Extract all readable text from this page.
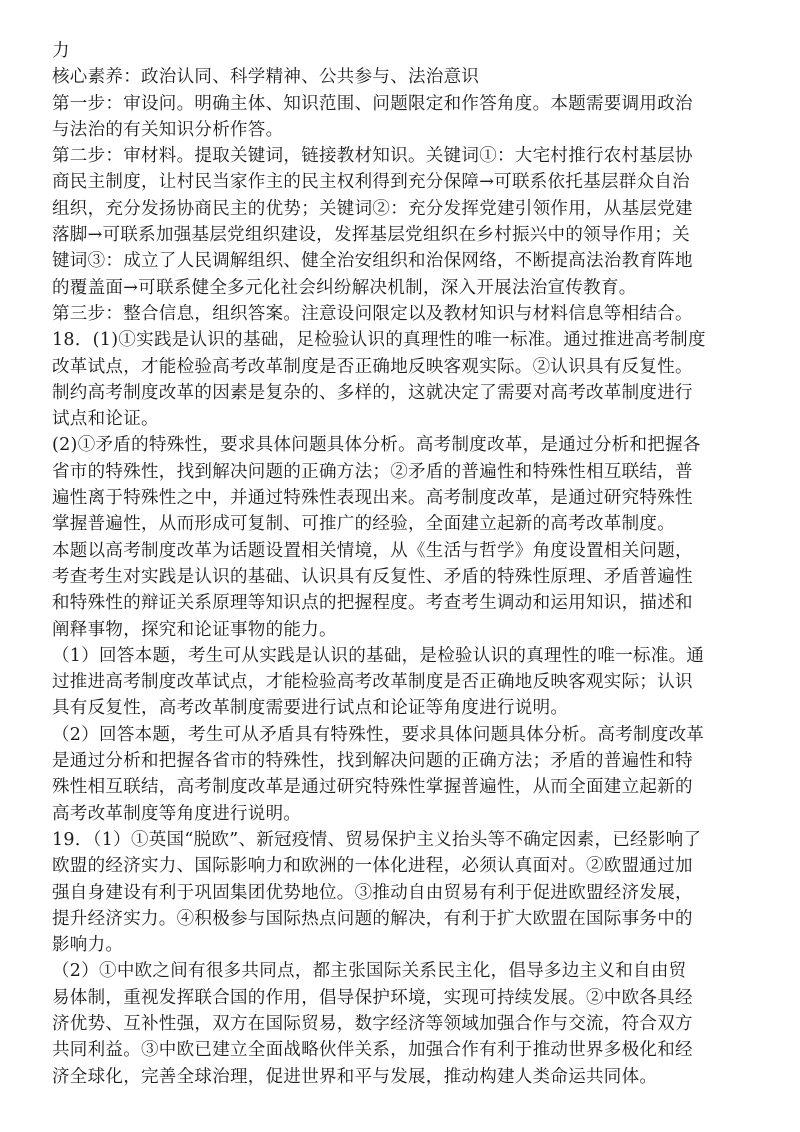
力
核心素养：政治认同、科学精神、公共参与、法治意识
第一步：审设问。明确主体、知识范围、问题限定和作答角度。本题需要调用政治
与法治的有关知识分析作答。
第二步：审材料。提取关键词，链接教材知识。关键词①：大宅村推行农村基层协
商民主制度，让村民当家作主的民主权利得到充分保障→可联系依托基层群众自治
组织，充分发扬协商民主的优势；关键词②：充分发挥党建引领作用，从基层党建
落脚→可联系加强基层党组织建设，发挥基层党组织在乡村振兴中的领导作用；关
键词③：成立了人民调解组织、健全治安组织和治保网络，不断提高法治教育阵地
的覆盖面→可联系健全多元化社会纠纷解决机制，深入开展法治宣传教育。
第三步：整合信息，组织答案。注意设问限定以及教材知识与材料信息等相结合。
18．(1)①实践是认识的基础，足检验认识的真理性的唯一标准。通过推进高考制度
改革试点，才能检验高考改革制度是否正确地反映客观实际。②认识具有反复性。
制约高考制度改革的因素是复杂的、多样的，这就决定了需要对高考改革制度进行
试点和论证。
(2)①矛盾的特殊性，要求具体问题具体分析。高考制度改革，是通过分析和把握各
省市的特殊性，找到解决问题的正确方法；②矛盾的普遍性和特殊性相互联结，普
遍性离于特殊性之中，并通过特殊性表现出来。高考制度改革，是通过研究特殊性
掌握普遍性，从而形成可复制、可推广的经验，全面建立起新的高考改革制度。
本题以高考制度改革为话题设置相关情境，从《生活与哲学》角度设置相关问题，
考查考生对实践是认识的基础、认识具有反复性、矛盾的特殊性原理、矛盾普遍性
和特殊性的辩证关系原理等知识点的把握程度。考查考生调动和运用知识，描述和
阐释事物，探究和论证事物的能力。
（1）回答本题，考生可从实践是认识的基础，是检验认识的真理性的唯一标准。通
过推进高考制度改革试点，才能检验高考改革制度是否正确地反映客观实际；认识
具有反复性，高考改革制度需要进行试点和论证等角度进行说明。
（2）回答本题，考生可从矛盾具有特殊性，要求具体问题具体分析。高考制度改革
是通过分析和把握各省市的特殊性，找到解决问题的正确方法；矛盾的普遍性和特
殊性相互联结，高考制度改革是通过研究特殊性掌握普遍性，从而全面建立起新的
高考改革制度等角度进行说明。
19．（1）①英国“脱欧”、新冠疫情、贸易保护主义抬头等不确定因素，已经影响了
欧盟的经济实力、国际影响力和欧洲的一体化进程，必须认真面对。②欧盟通过加
强自身建设有利于巩固集团优势地位。③推动自由贸易有利于促进欧盟经济发展，
提升经济实力。④积极参与国际热点问题的解决，有利于扩大欧盟在国际事务中的
影响力。
（2）①中欧之间有很多共同点，都主张国际关系民主化，倡导多边主义和自由贸
易体制，重视发挥联合国的作用，倡导保护环境，实现可持续发展。②中欧各具经
济优势、互补性强，双方在国际贸易，数字经济等领域加强合作与交流，符合双方
共同利益。③中欧已建立全面战略伙伴关系，加强合作有利于推动世界多极化和经
济全球化，完善全球治理，促进世界和平与发展，推动构建人类命运共同体。
